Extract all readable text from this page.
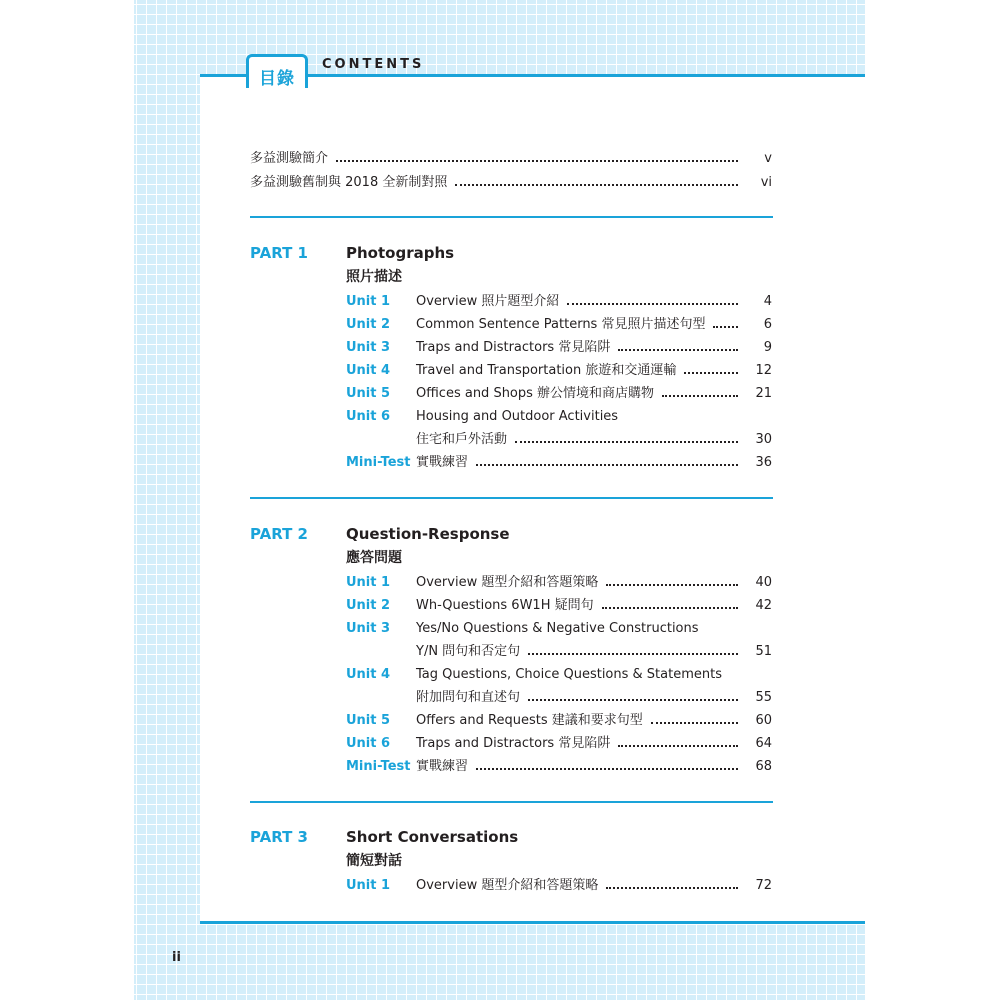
目錄
CONTENTS
多益測驗簡介	v
多益測驗舊制與 2018 全新制對照	vi
PART 1	Photographs
照片描述
Unit 1 Overview 照片題型介紹	4
Unit 2 Common Sentence Patterns 常見照片描述句型	6
Unit 3 Traps and Distractors 常見陷阱	9
Unit 4 Travel and Transportation 旅遊和交通運輸	12
Unit 5 Offices and Shops 辦公情境和商店購物	21
Unit 6 Housing and Outdoor Activities
住宅和戶外活動	30
Mini-Test 實戰練習	36
PART 2	Question-Response
應答問題
Unit 1 Overview 題型介紹和答題策略	40
Unit 2 Wh-Questions 6W1H 疑問句	42
Unit 3 Yes/No Questions & Negative Constructions
Y/N 問句和否定句	51
Unit 4 Tag Questions, Choice Questions & Statements
附加問句和直述句	55
Unit 5 Offers and Requests 建議和要求句型	60
Unit 6 Traps and Distractors 常見陷阱	64
Mini-Test 實戰練習	68
PART 3	Short Conversations
簡短對話
Unit 1 Overview 題型介紹和答題策略	72
ii
